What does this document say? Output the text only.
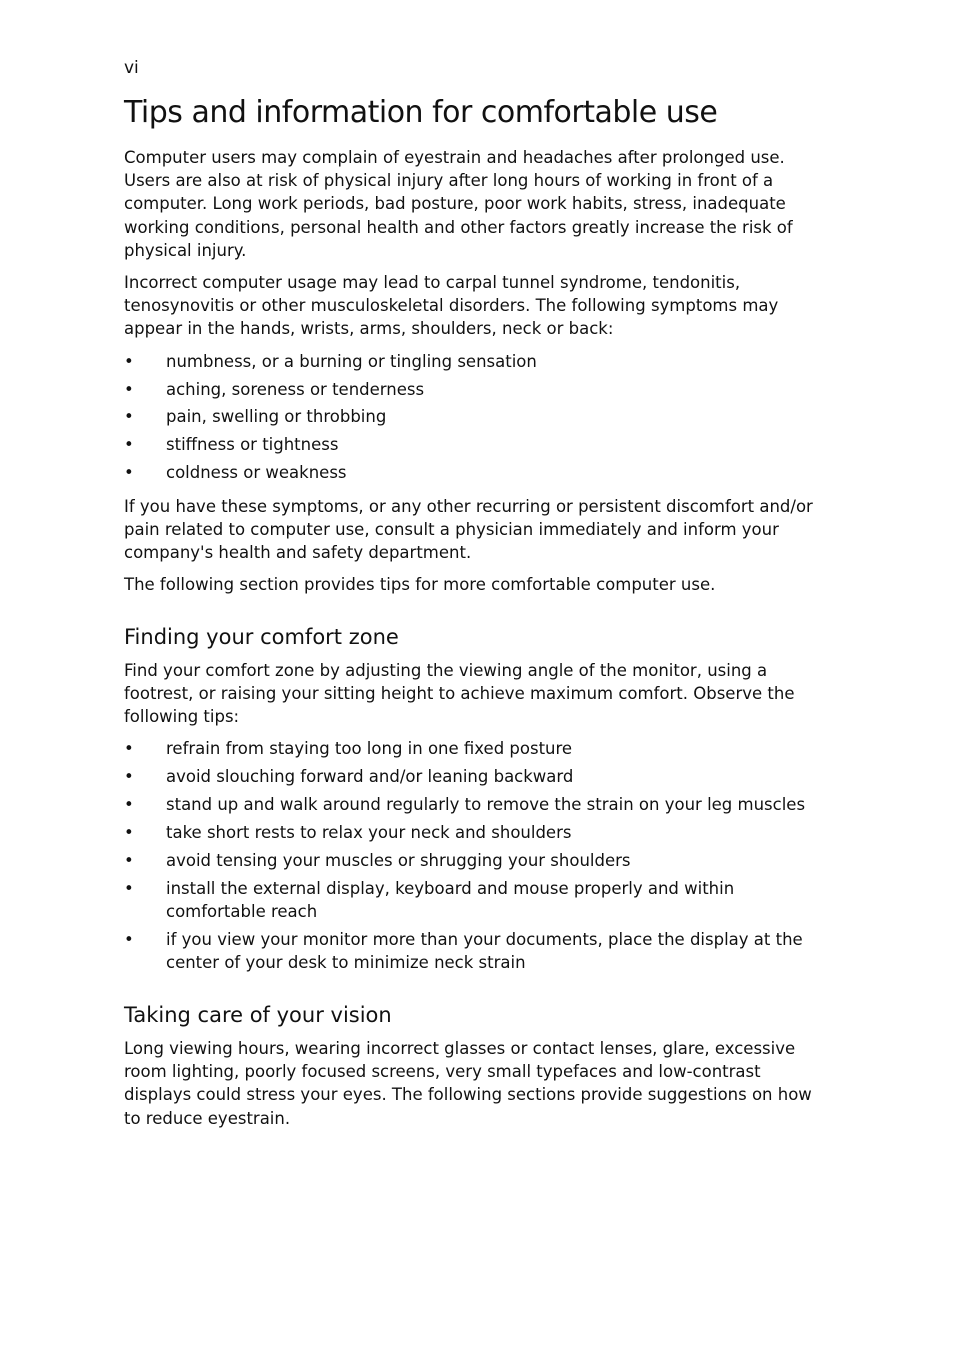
vi
Tips and information for comfortable use

Computer users may complain of eyestrain and headaches after prolonged use. Users are also at risk of physical injury after long hours of working in front of a computer. Long work periods, bad posture, poor work habits, stress, inadequate working conditions, personal health and other factors greatly increase the risk of physical injury.

Incorrect computer usage may lead to carpal tunnel syndrome, tendonitis, tenosynovitis or other musculoskeletal disorders. The following symptoms may appear in the hands, wrists, arms, shoulders, neck or back:

• numbness, or a burning or tingling sensation
• aching, soreness or tenderness
• pain, swelling or throbbing
• stiffness or tightness
• coldness or weakness

If you have these symptoms, or any other recurring or persistent discomfort and/or pain related to computer use, consult a physician immediately and inform your company's health and safety department.

The following section provides tips for more comfortable computer use.

Finding your comfort zone

Find your comfort zone by adjusting the viewing angle of the monitor, using a footrest, or raising your sitting height to achieve maximum comfort. Observe the following tips:

• refrain from staying too long in one fixed posture
• avoid slouching forward and/or leaning backward
• stand up and walk around regularly to remove the strain on your leg muscles
• take short rests to relax your neck and shoulders
• avoid tensing your muscles or shrugging your shoulders
• install the external display, keyboard and mouse properly and within comfortable reach
• if you view your monitor more than your documents, place the display at the center of your desk to minimize neck strain
Taking care of your vision

Long viewing hours, wearing incorrect glasses or contact lenses, glare, excessive room lighting, poorly focused screens, very small typefaces and low-contrast displays could stress your eyes. The following sections provide suggestions on how to reduce eyestrain.
